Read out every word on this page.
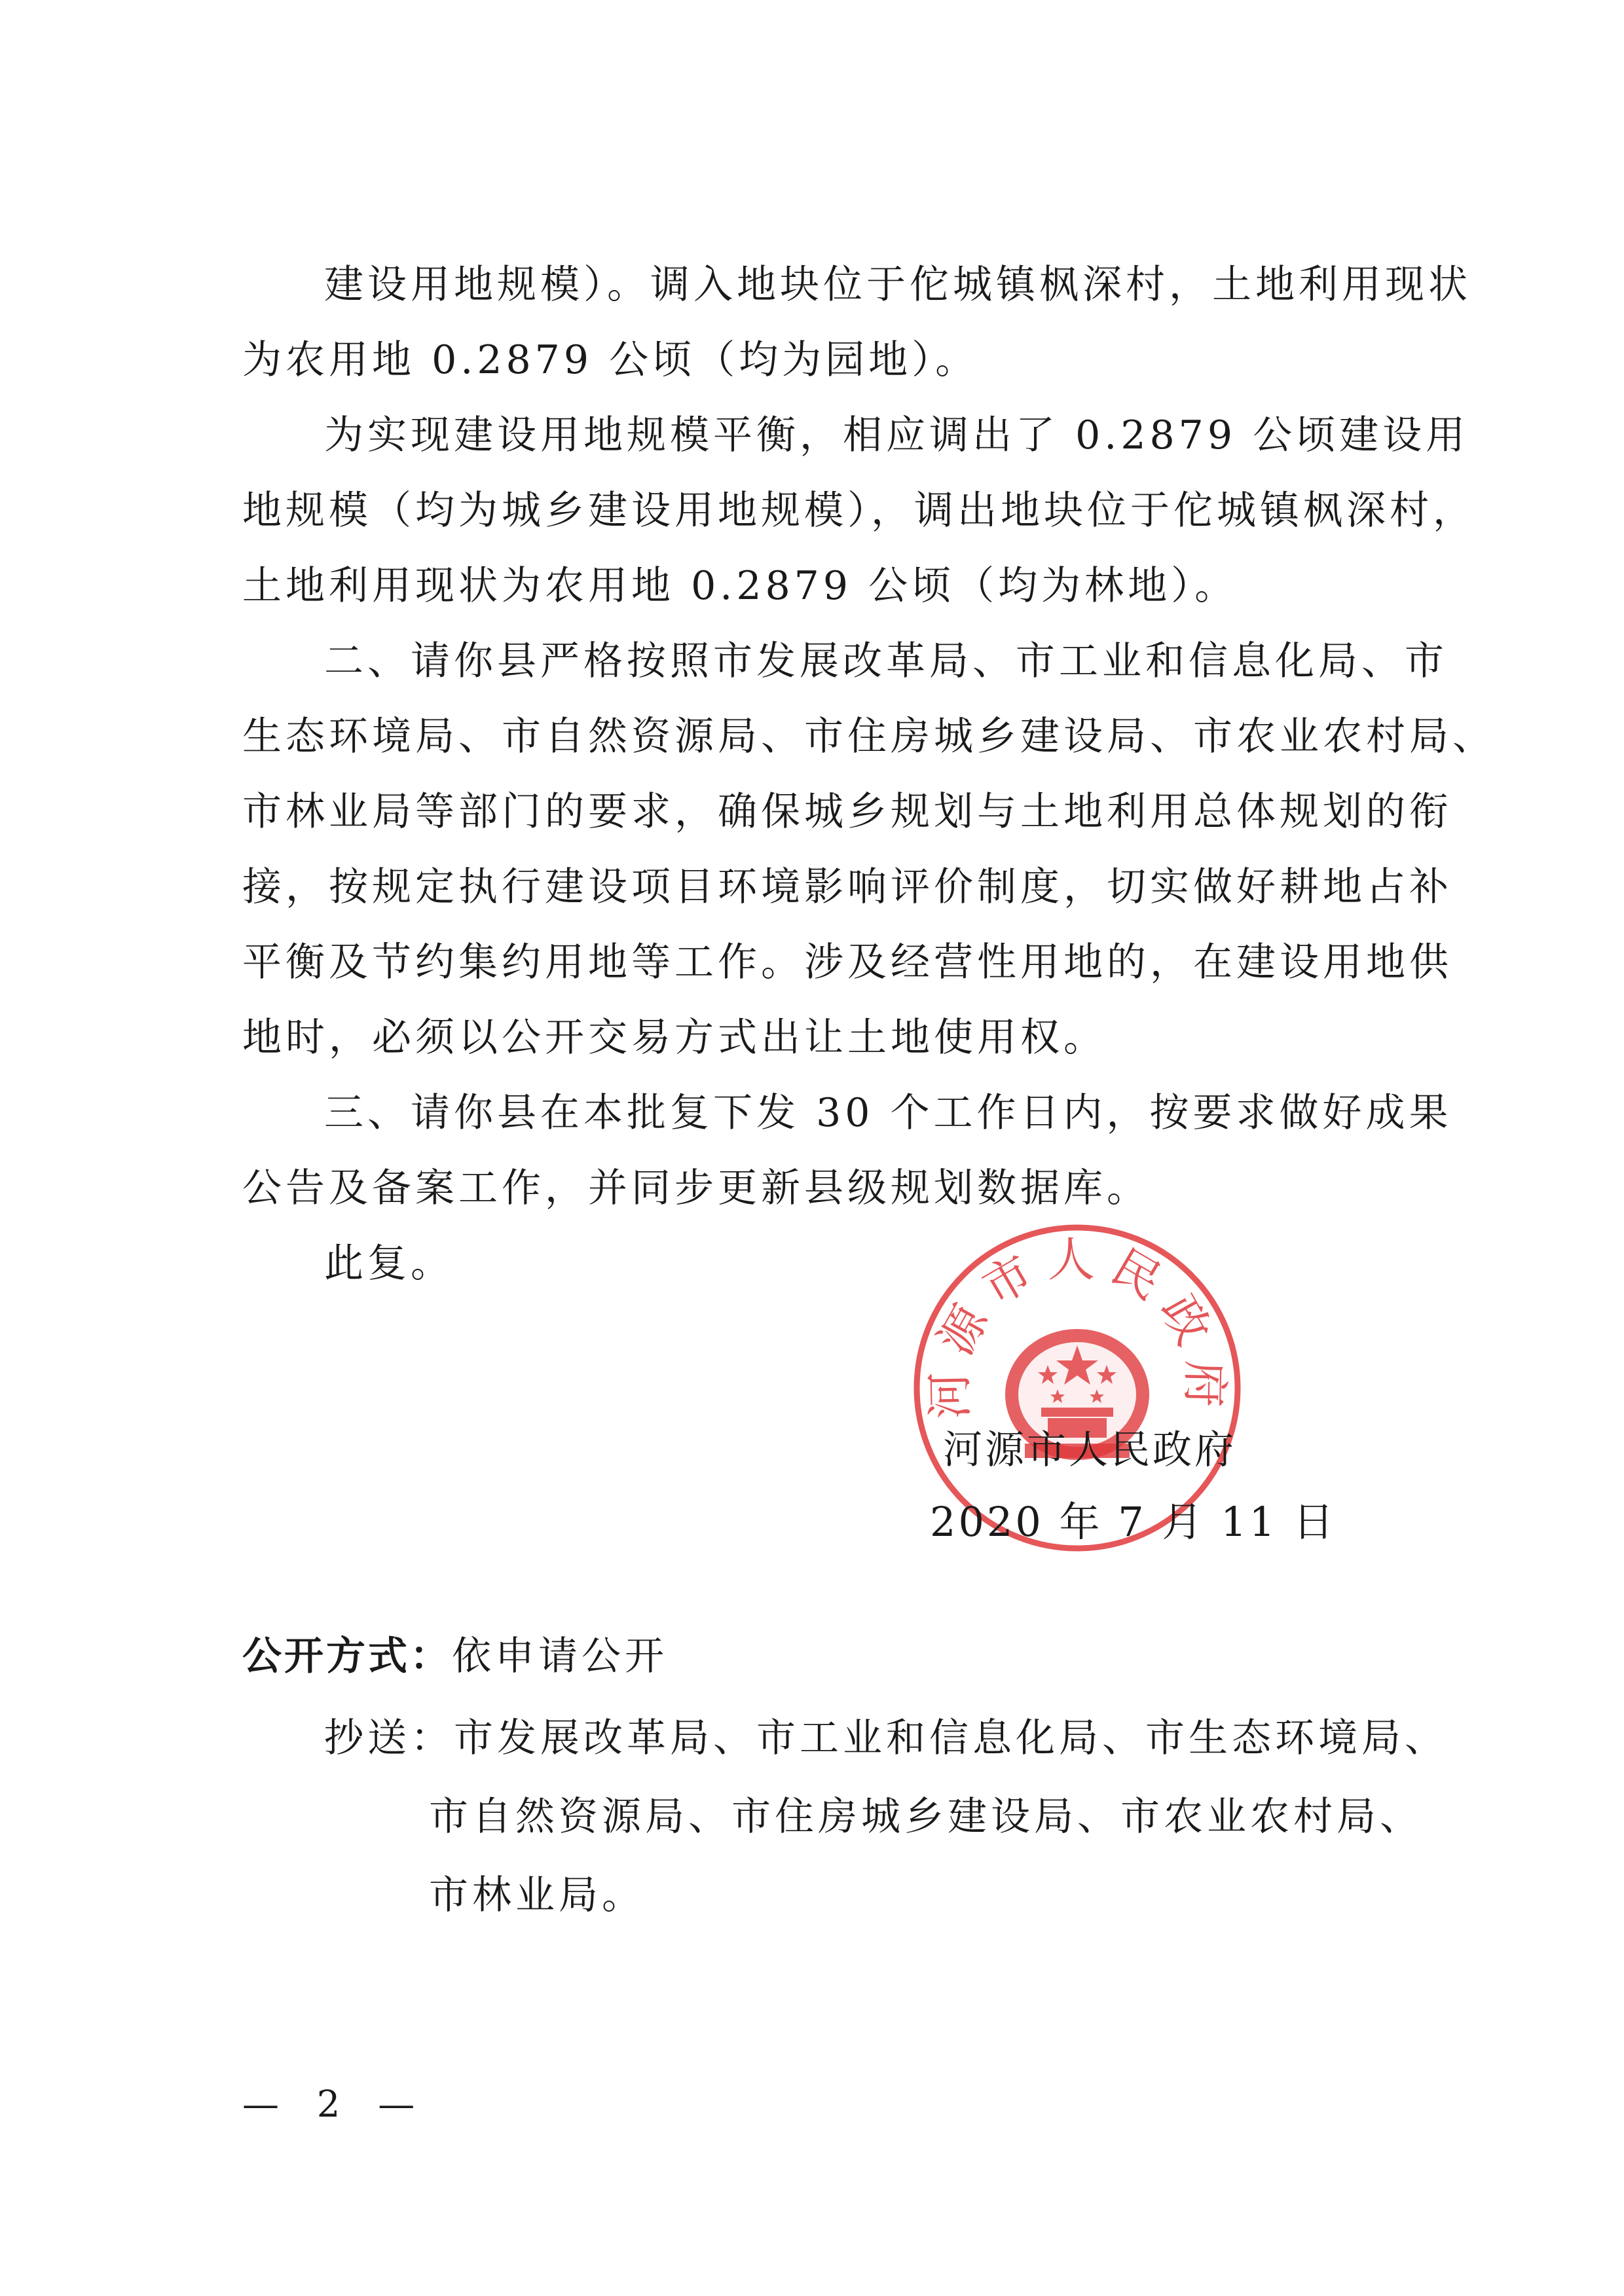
建设用地规模）。调入地块位于佗城镇枫深村，土地利用现状
为农用地 0.2879 公顷（均为园地）。
为实现建设用地规模平衡，相应调出了 0.2879 公顷建设用
地规模（均为城乡建设用地规模），调出地块位于佗城镇枫深村，
土地利用现状为农用地 0.2879 公顷（均为林地）。
二、请你县严格按照市发展改革局、市工业和信息化局、市
生态环境局、市自然资源局、市住房城乡建设局、市农业农村局、
市林业局等部门的要求，确保城乡规划与土地利用总体规划的衔
接，按规定执行建设项目环境影响评价制度，切实做好耕地占补
平衡及节约集约用地等工作。涉及经营性用地的，在建设用地供
地时，必须以公开交易方式出让土地使用权。
三、请你县在本批复下发 30 个工作日内，按要求做好成果
公告及备案工作，并同步更新县级规划数据库。
此复。
河源市人民政府
河源市人民政府
2020 年 7 月 11 日
公开方式：依申请公开
抄送：市发展改革局、市工业和信息化局、市生态环境局、
市自然资源局、市住房城乡建设局、市农业农村局、
市林业局。
— 2 —
